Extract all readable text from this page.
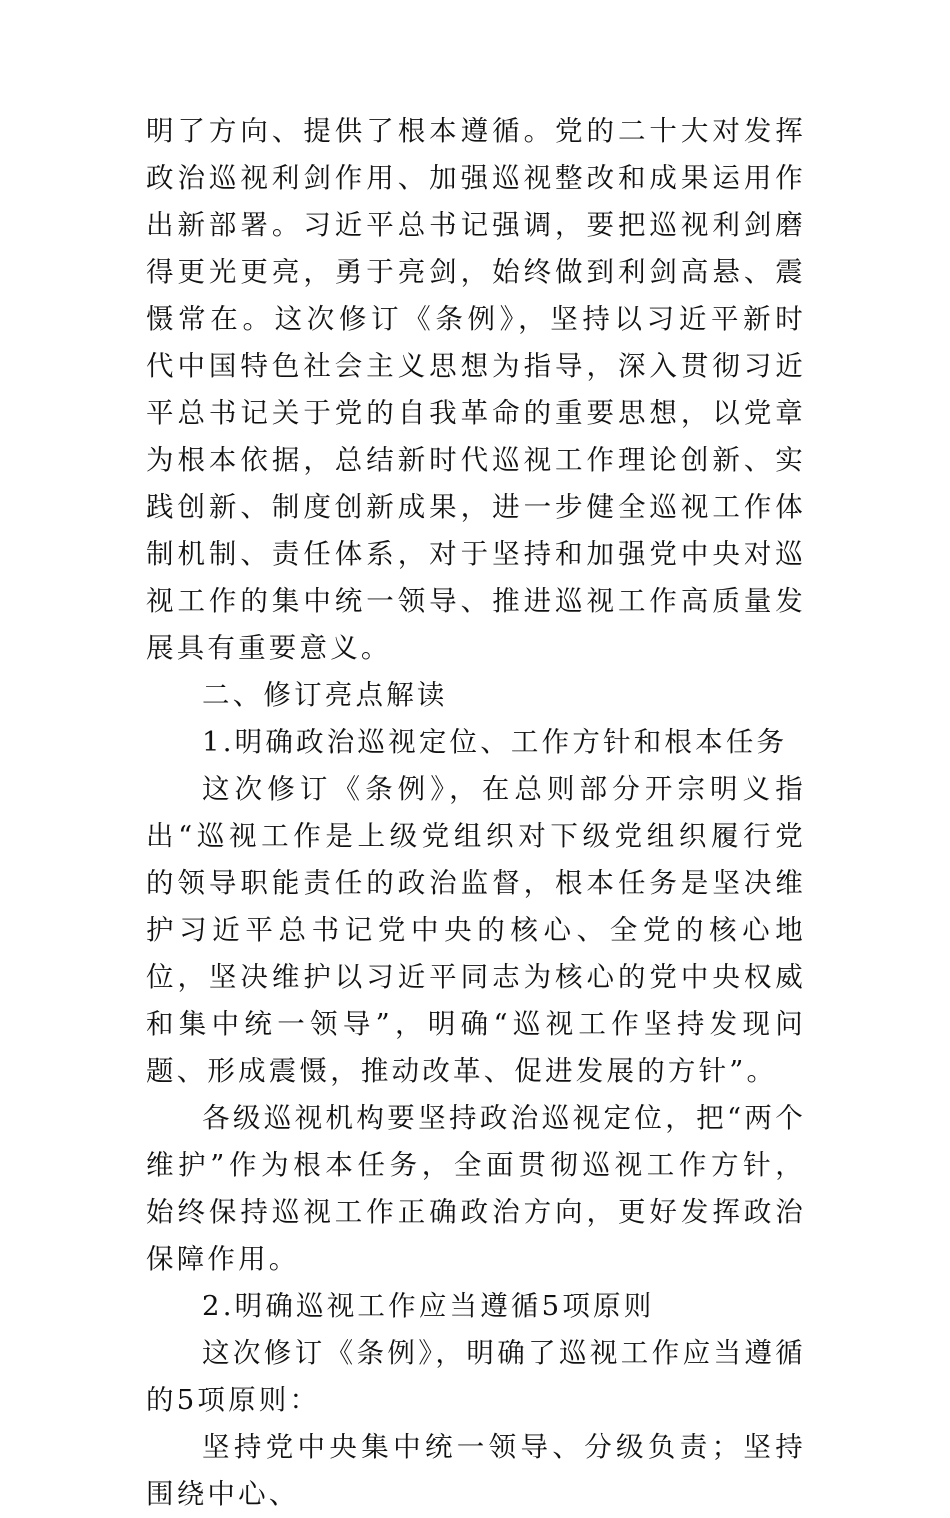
明了方向、提供了根本遵循。党的二十大对发挥政治巡视利剑作用、加强巡视整改和成果运用作出新部署。习近平总书记强调，要把巡视利剑磨得更光更亮，勇于亮剑，始终做到利剑高悬、震慑常在。这次修订《条例》，坚持以习近平新时代中国特色社会主义思想为指导，深入贯彻习近平总书记关于党的自我革命的重要思想，以党章为根本依据，总结新时代巡视工作理论创新、实践创新、制度创新成果，进一步健全巡视工作体制机制、责任体系，对于坚持和加强党中央对巡视工作的集中统一领导、推进巡视工作高质量发展具有重要意义。

二、修订亮点解读

1.明确政治巡视定位、工作方针和根本任务

这次修订《条例》，在总则部分开宗明义指出“巡视工作是上级党组织对下级党组织履行党的领导职能责任的政治监督，根本任务是坚决维护习近平总书记党中央的核心、全党的核心地位，坚决维护以习近平同志为核心的党中央权威和集中统一领导”，明确“巡视工作坚持发现问题、形成震慑，推动改革、促进发展的方针”。

各级巡视机构要坚持政治巡视定位，把“两个维护”作为根本任务，全面贯彻巡视工作方针，始终保持巡视工作正确政治方向，更好发挥政治保障作用。

2.明确巡视工作应当遵循5项原则

这次修订《条例》，明确了巡视工作应当遵循的5项原则：

坚持党中央集中统一领导、分级负责；坚持围绕中心、
